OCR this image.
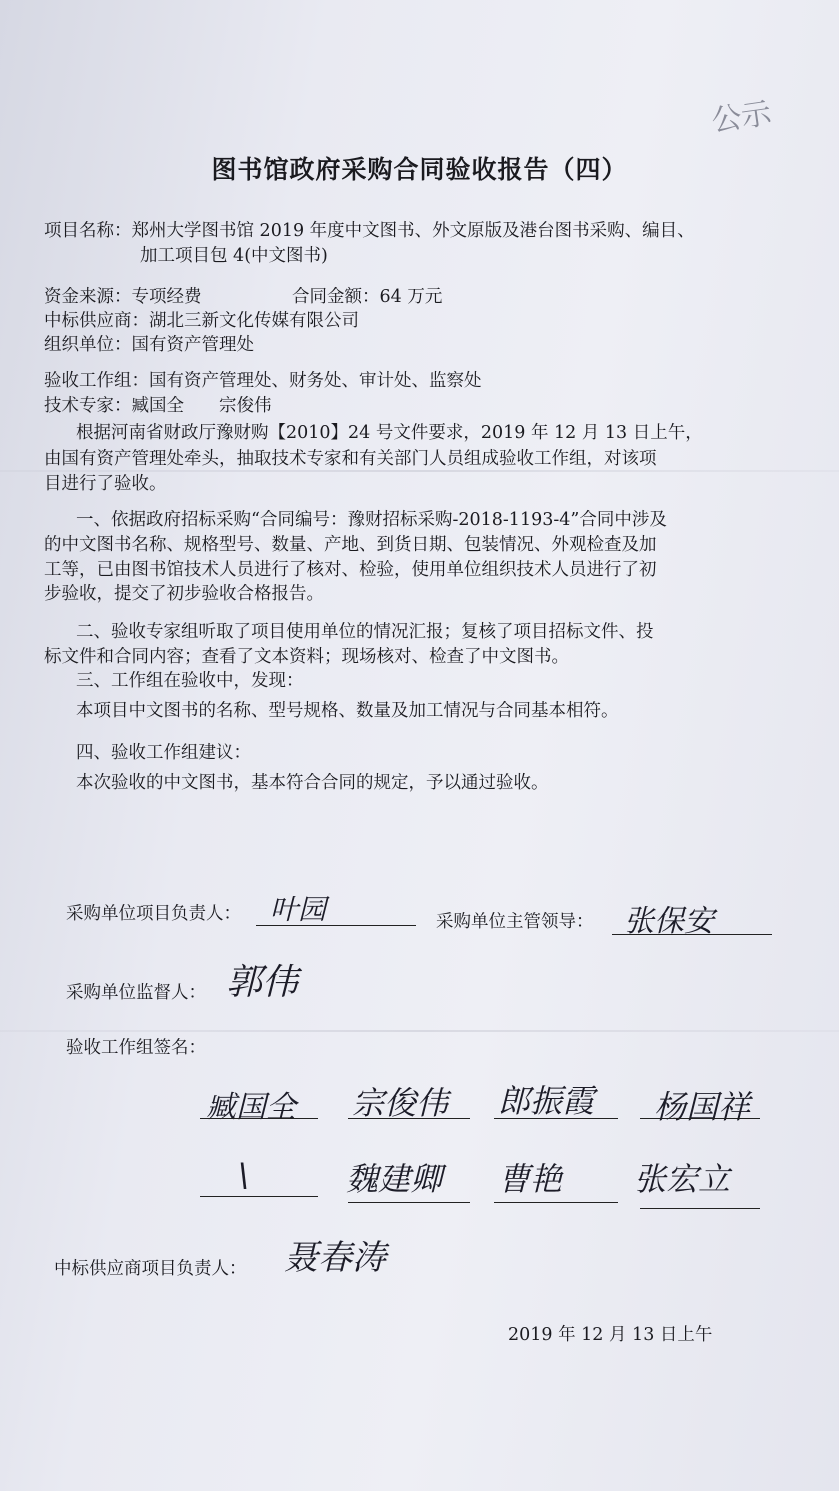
公示
图书馆政府采购合同验收报告（四）
项目名称：郑州大学图书馆 2019 年度中文图书、外文原版及港台图书采购、编目、
加工项目包 4(中文图书)
资金来源：专项经费	合同金额：64 万元
中标供应商：湖北三新文化传媒有限公司
组织单位：国有资产管理处
验收工作组：国有资产管理处、财务处、审计处、监察处
技术专家：臧国全　　宗俊伟
根据河南省财政厅豫财购【2010】24 号文件要求，2019 年 12 月 13 日上午，
由国有资产管理处牵头，抽取技术专家和有关部门人员组成验收工作组，对该项
目进行了验收。
一、依据政府招标采购“合同编号：豫财招标采购-2018-1193-4”合同中涉及
的中文图书名称、规格型号、数量、产地、到货日期、包装情况、外观检查及加
工等，已由图书馆技术人员进行了核对、检验，使用单位组织技术人员进行了初
步验收，提交了初步验收合格报告。
二、验收专家组听取了项目使用单位的情况汇报；复核了项目招标文件、投
标文件和合同内容；查看了文本资料；现场核对、检查了中文图书。
三、工作组在验收中，发现：
本项目中文图书的名称、型号规格、数量及加工情况与合同基本相符。
四、验收工作组建议：
本次验收的中文图书，基本符合合同的规定，予以通过验收。
采购单位项目负责人： 叶园	采购单位主管领导： 张保安
采购单位监督人： 郭伟
验收工作组签名：
臧国全 宗俊伟 郎振霞 杨国祥
\	魏建卿 曹艳 张宏立
中标供应商项目负责人： 聂春涛
2019 年 12 月 13 日上午
